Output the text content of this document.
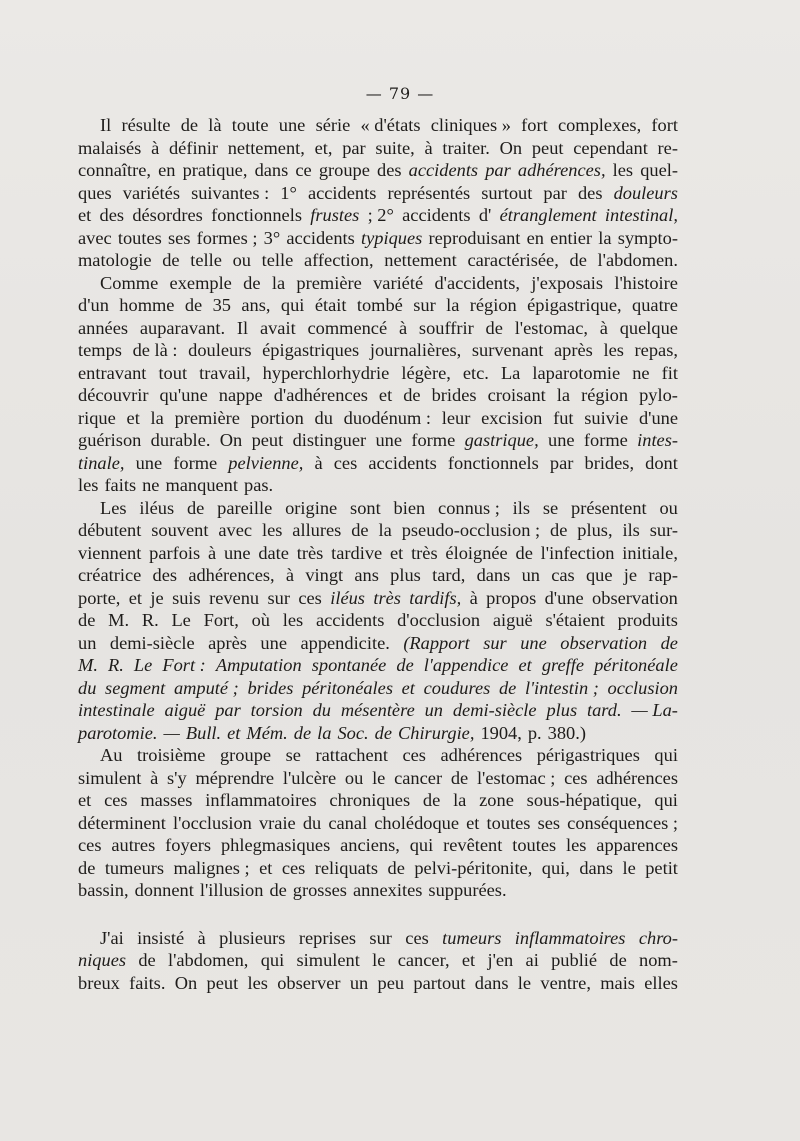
— 79 —
Il résulte de là toute une série « d'états cliniques » fort complexes, fort
malaisés à définir nettement, et, par suite, à traiter. On peut cependant re-
connaître, en pratique, dans ce groupe des accidents par adhérences, les quel-
ques variétés suivantes : 1° accidents représentés surtout par des douleurs
et des désordres fonctionnels frustes ; 2° accidents d' étranglement intestinal,
avec toutes ses formes ; 3° accidents typiques reproduisant en entier la sympto-
matologie de telle ou telle affection, nettement caractérisée, de l'abdomen.
Comme exemple de la première variété d'accidents, j'exposais l'histoire
d'un homme de 35 ans, qui était tombé sur la région épigastrique, quatre
années auparavant. Il avait commencé à souffrir de l'estomac, à quelque
temps de là : douleurs épigastriques journalières, survenant après les repas,
entravant tout travail, hyperchlorhydrie légère, etc. La laparotomie ne fit
découvrir qu'une nappe d'adhérences et de brides croisant la région pylo-
rique et la première portion du duodénum : leur excision fut suivie d'une
guérison durable. On peut distinguer une forme gastrique, une forme intes-
tinale, une forme pelvienne, à ces accidents fonctionnels par brides, dont
les faits ne manquent pas.
Les iléus de pareille origine sont bien connus ; ils se présentent ou
débutent souvent avec les allures de la pseudo-occlusion ; de plus, ils sur-
viennent parfois à une date très tardive et très éloignée de l'infection initiale,
créatrice des adhérences, à vingt ans plus tard, dans un cas que je rap-
porte, et je suis revenu sur ces iléus très tardifs, à propos d'une observation
de M. R. Le Fort, où les accidents d'occlusion aiguë s'étaient produits
un demi-siècle après une appendicite. (Rapport sur une observation de
M. R. Le Fort : Amputation spontanée de l'appendice et greffe péritonéale
du segment amputé ; brides péritonéales et coudures de l'intestin ; occlusion
intestinale aiguë par torsion du mésentère un demi-siècle plus tard. — La-
parotomie. — Bull. et Mém. de la Soc. de Chirurgie, 1904, p. 380.)
Au troisième groupe se rattachent ces adhérences périgastriques qui
simulent à s'y méprendre l'ulcère ou le cancer de l'estomac ; ces adhérences
et ces masses inflammatoires chroniques de la zone sous-hépatique, qui
déterminent l'occlusion vraie du canal cholédoque et toutes ses conséquences ;
ces autres foyers phlegmasiques anciens, qui revêtent toutes les apparences
de tumeurs malignes ; et ces reliquats de pelvi-péritonite, qui, dans le petit
bassin, donnent l'illusion de grosses annexites suppurées.
J'ai insisté à plusieurs reprises sur ces tumeurs inflammatoires chro-
niques de l'abdomen, qui simulent le cancer, et j'en ai publié de nom-
breux faits. On peut les observer un peu partout dans le ventre, mais elles
